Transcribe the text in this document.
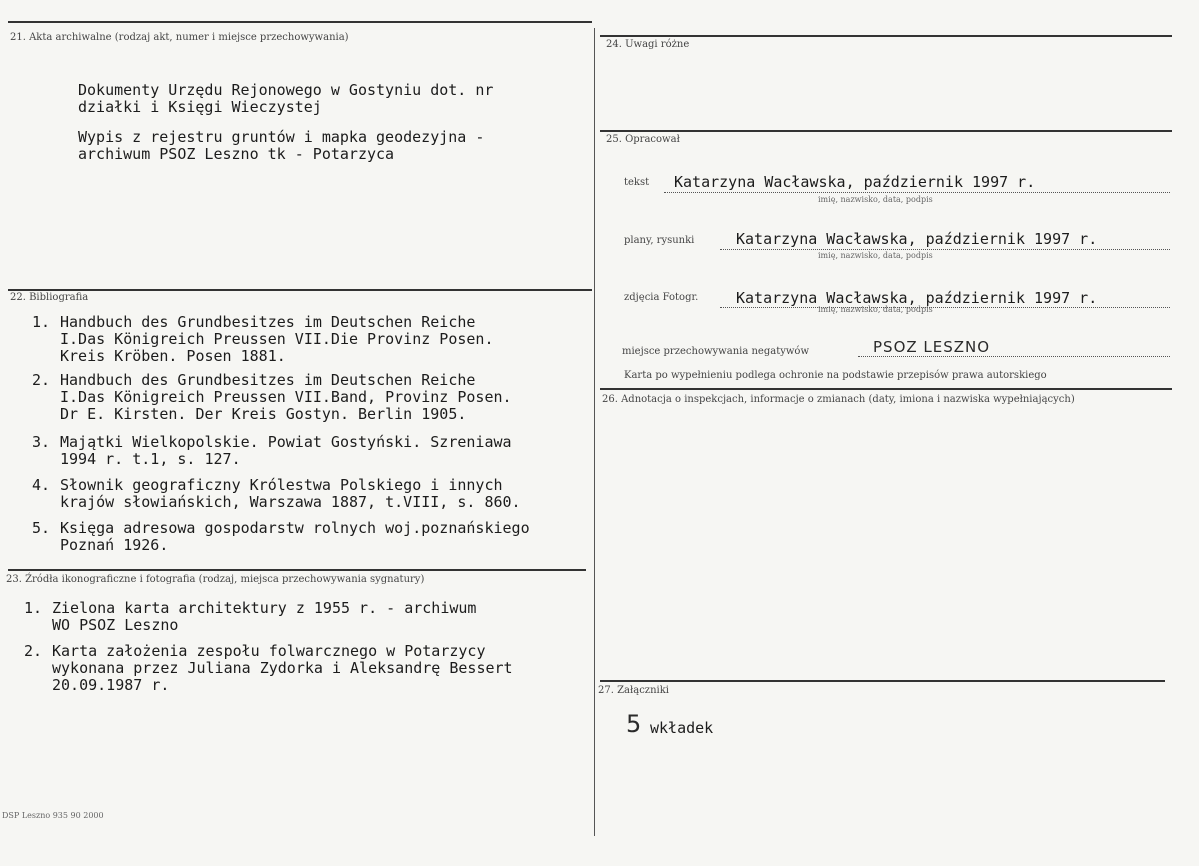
21. Akta archiwalne (rodzaj akt, numer i miejsce przechowywania)
Dokumenty Urzędu Rejonowego w Gostyniu dot. nr
działki i Księgi Wieczystej
Wypis z rejestru gruntów i mapka geodezyjna -
archiwum PSOZ Leszno tk - Potarzyca
22. Bibliografia
1. Handbuch des Grundbesitzes im Deutschen Reiche
I.Das Königreich Preussen VII.Die Provinz Posen.
Kreis Kröben. Posen 1881.
2. Handbuch des Grundbesitzes im Deutschen Reiche
I.Das Königreich Preussen VII.Band, Provinz Posen.
Dr E. Kirsten. Der Kreis Gostyn. Berlin 1905.
3. Majątki Wielkopolskie. Powiat Gostyński. Szreniawa
1994 r. t.1, s. 127.
4. Słownik geograficzny Królestwa Polskiego i innych
krajów słowiańskich, Warszawa 1887, t.VIII, s. 860.
5. Księga adresowa gospodarstw rolnych woj.poznańskiego
Poznań 1926.
23. Źródła ikonograficzne i fotografia (rodzaj, miejsca przechowywania sygnatury)
1. Zielona karta architektury z 1955 r. - archiwum
WO PSOZ Leszno
2. Karta założenia zespołu folwarcznego w Potarzycy
wykonana przez Juliana Zydorka i Aleksandrę Bessert
20.09.1987 r.
DSP Leszno 935 90 2000
24. Uwagi różne
25. Opracował
tekst Katarzyna Wacławska, październik 1997 r.
imię, nazwisko, data, podpis
plany, rysunki	Katarzyna Wacławska, październik 1997 r.
imię, nazwisko, data, podpis
zdjęcia Fotogr.	Katarzyna Wacławska, październik 1997 r.
imię, nazwisko, data, podpis
miejsce przechowywania negatywów	PSOZ LESZNO
Karta po wypełnieniu podlega ochronie na podstawie przepisów prawa autorskiego
26. Adnotacja o inspekcjach, informacje o zmianach (daty, imiona i nazwiska wypełniających)
27. Załączniki
5 wkładek
